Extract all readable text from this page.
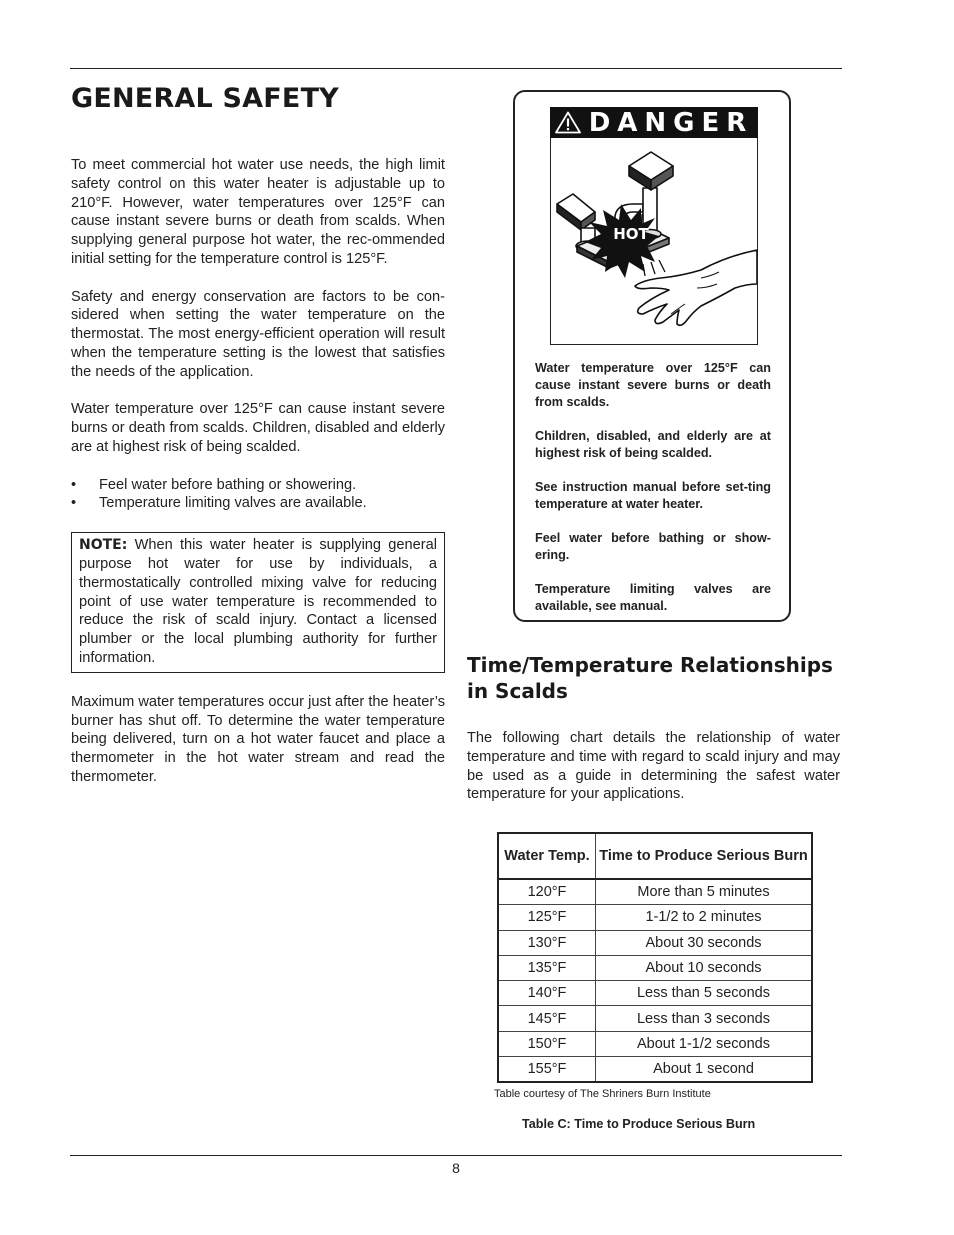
GENERAL SAFETY

To meet commercial hot water use needs, the high limit safety control on this water heater is adjustable up to 210°F. However, water temperatures over 125°F can cause instant severe burns or death from scalds. When supplying general purpose hot water, the rec-ommended initial setting for the temperature control is 125°F.

Safety and energy conservation are factors to be con-sidered when setting the water temperature on the thermostat. The most energy-efficient operation will result when the temperature setting is the lowest that satisfies the needs of the application.

Water temperature over 125°F can cause instant severe burns or death from scalds. Children, disabled and elderly are at highest risk of being scalded.

• Feel water before bathing or showering.
• Temperature limiting valves are available.
NOTE: When this water heater is supplying general purpose hot water for use by individuals, a thermostatically controlled mixing valve for reducing point of use water temperature is recommended to reduce the risk of scald injury. Contact a licensed plumber or the local plumbing authority for further information.

Maximum water temperatures occur just after the heater’s burner has shut off. To determine the water temperature being delivered, turn on a hot water faucet and place a thermometer in the hot water stream and read the thermometer.

DANGER
HOT

Water temperature over 125°F can cause instant severe burns or death from scalds.

Children, disabled, and elderly are at highest risk of being scalded.

See instruction manual before set-ting temperature at water heater.

Feel water before bathing or show-ering.

Temperature limiting valves are available, see manual.

Time/Temperature Relationships in Scalds

The following chart details the relationship of water temperature and time with regard to scald injury and may be used as a guide in determining the safest water temperature for your applications.

Water Temp.	Time to Produce Serious Burn
120°F	More than 5 minutes
125°F	1-1/2 to 2 minutes
130°F	About 30 seconds
135°F	About 10 seconds
140°F	Less than 5 seconds
145°F	Less than 3 seconds
150°F	About 1-1/2 seconds
155°F	About 1 second

Table courtesy of The Shriners Burn Institute

Table C: Time to Produce Serious Burn

8
